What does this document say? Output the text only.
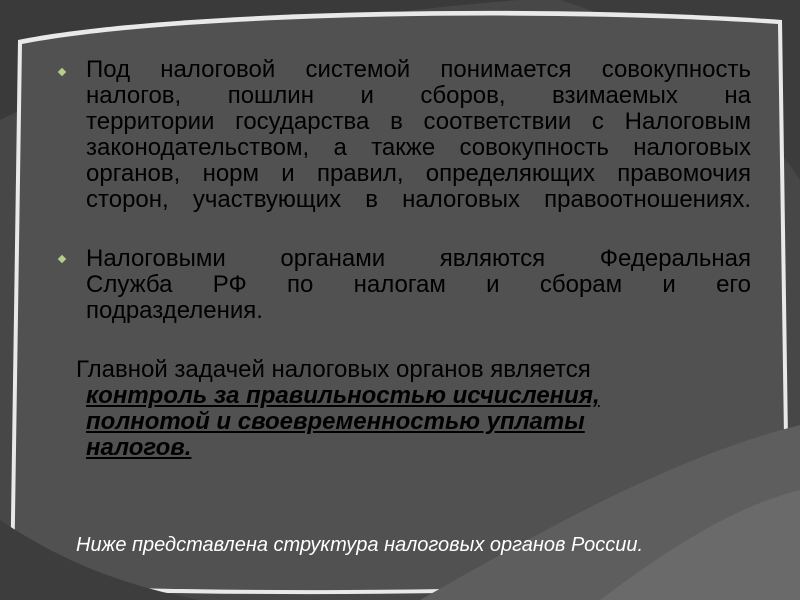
Под налоговой системой понимается совокупность
налогов, пошлин и сборов, взимаемых на
территории государства в соответствии с Налоговым
законодательством, а также совокупность налоговых
органов, норм и правил, определяющих правомочия
сторон, участвующих в налоговых правоотношениях.
Налоговыми органами являются Федеральная
Служба РФ по налогам и сборам и его
подразделения.
Главной задачей налоговых органов является
контроль за правильностью исчисления,
полнотой и своевременностью уплаты
налогов.
Ниже представлена структура налоговых органов России.
